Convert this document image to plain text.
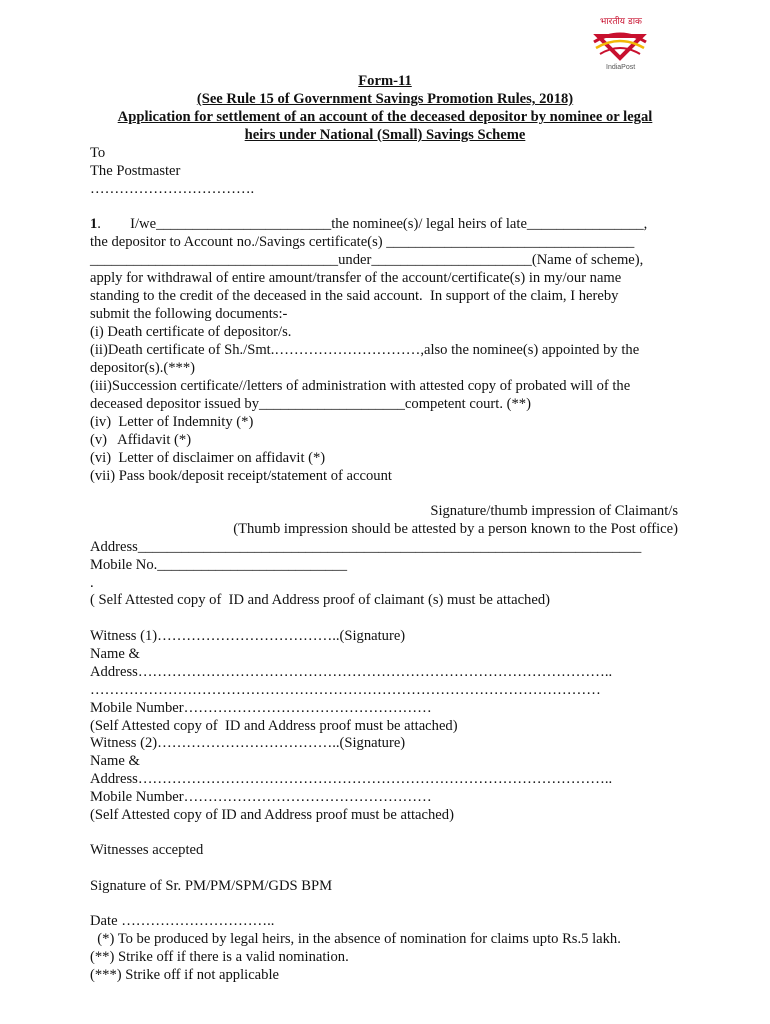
भारतीय डाक
IndiaPost
Form-11
(See Rule 15 of Government Savings Promotion Rules, 2018)
Application for settlement of an account of the deceased depositor by nominee or legal
heirs under National (Small) Savings Scheme
To
The Postmaster
…………………………….
1.        I/we________________________the nominee(s)/ legal heirs of late________________,
the depositor to Account no./Savings certificate(s) __________________________________
__________________________________under______________________(Name of scheme),
apply for withdrawal of entire amount/transfer of the account/certificate(s) in my/our name
standing to the credit of the deceased in the said account.  In support of the claim, I hereby
submit the following documents:-
(i) Death certificate of depositor/s.
(ii)Death certificate of Sh./Smt.…………………………,also the nominee(s) appointed by the
depositor(s).(***)
(iii)Succession certificate//letters of administration with attested copy of probated will of the
deceased depositor issued by____________________competent court. (**)
(iv)  Letter of Indemnity (*)
(v)   Affidavit (*)
(vi)  Letter of disclaimer on affidavit (*)
(vii) Pass book/deposit receipt/statement of account
Signature/thumb impression of Claimant/s
(Thumb impression should be attested by a person known to the Post office)
Address_____________________________________________________________________
Mobile No.__________________________
.
( Self Attested copy of  ID and Address proof of claimant (s) must be attached)
Witness (1)………………………………..(Signature)
Name &
Address……………………………………………………………………………………..
……………………………………………………………………………………………
Mobile Number……………………………………………
(Self Attested copy of  ID and Address proof must be attached)
Witness (2)………………………………..(Signature)
Name &
Address……………………………………………………………………………………..
Mobile Number……………………………………………
(Self Attested copy of ID and Address proof must be attached)
Witnesses accepted
Signature of Sr. PM/PM/SPM/GDS BPM
Date …………………………..
(*) To be produced by legal heirs, in the absence of nomination for claims upto Rs.5 lakh.
(**) Strike off if there is a valid nomination.
(***) Strike off if not applicable
